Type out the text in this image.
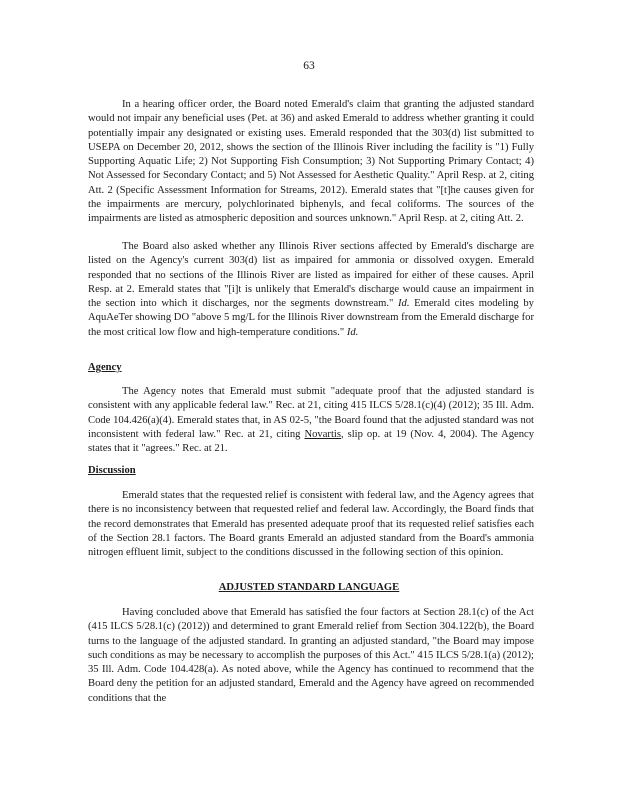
63

In a hearing officer order, the Board noted Emerald's claim that granting the adjusted standard would not impair any beneficial uses (Pet. at 36) and asked Emerald to address whether granting it could potentially impair any designated or existing uses. Emerald responded that the 303(d) list submitted to USEPA on December 20, 2012, shows the section of the Illinois River including the facility is "1) Fully Supporting Aquatic Life; 2) Not Supporting Fish Consumption; 3) Not Supporting Primary Contact; 4) Not Assessed for Secondary Contact; and 5) Not Assessed for Aesthetic Quality." April Resp. at 2, citing Att. 2 (Specific Assessment Information for Streams, 2012). Emerald states that "[t]he causes given for the impairments are mercury, polychlorinated biphenyls, and fecal coliforms. The sources of the impairments are listed as atmospheric deposition and sources unknown." April Resp. at 2, citing Att. 2.

The Board also asked whether any Illinois River sections affected by Emerald's discharge are listed on the Agency's current 303(d) list as impaired for ammonia or dissolved oxygen. Emerald responded that no sections of the Illinois River are listed as impaired for either of these causes. April Resp. at 2. Emerald states that "[i]t is unlikely that Emerald's discharge would cause an impairment in the section into which it discharges, nor the segments downstream." Id. Emerald cites modeling by AquAeTer showing DO "above 5 mg/L for the Illinois River downstream from the Emerald discharge for the most critical low flow and high-temperature conditions." Id.

Agency

The Agency notes that Emerald must submit "adequate proof that the adjusted standard is consistent with any applicable federal law." Rec. at 21, citing 415 ILCS 5/28.1(c)(4) (2012); 35 Ill. Adm. Code 104.426(a)(4). Emerald states that, in AS 02-5, "the Board found that the adjusted standard was not inconsistent with federal law." Rec. at 21, citing Novartis, slip op. at 19 (Nov. 4, 2004). The Agency states that it "agrees." Rec. at 21.

Discussion

Emerald states that the requested relief is consistent with federal law, and the Agency agrees that there is no inconsistency between that requested relief and federal law. Accordingly, the Board finds that the record demonstrates that Emerald has presented adequate proof that its requested relief satisfies each of the Section 28.1 factors. The Board grants Emerald an adjusted standard from the Board's ammonia nitrogen effluent limit, subject to the conditions discussed in the following section of this opinion.

ADJUSTED STANDARD LANGUAGE

Having concluded above that Emerald has satisfied the four factors at Section 28.1(c) of the Act (415 ILCS 5/28.1(c) (2012)) and determined to grant Emerald relief from Section 304.122(b), the Board turns to the language of the adjusted standard. In granting an adjusted standard, "the Board may impose such conditions as may be necessary to accomplish the purposes of this Act." 415 ILCS 5/28.1(a) (2012); 35 Ill. Adm. Code 104.428(a). As noted above, while the Agency has continued to recommend that the Board deny the petition for an adjusted standard, Emerald and the Agency have agreed on recommended conditions that the
